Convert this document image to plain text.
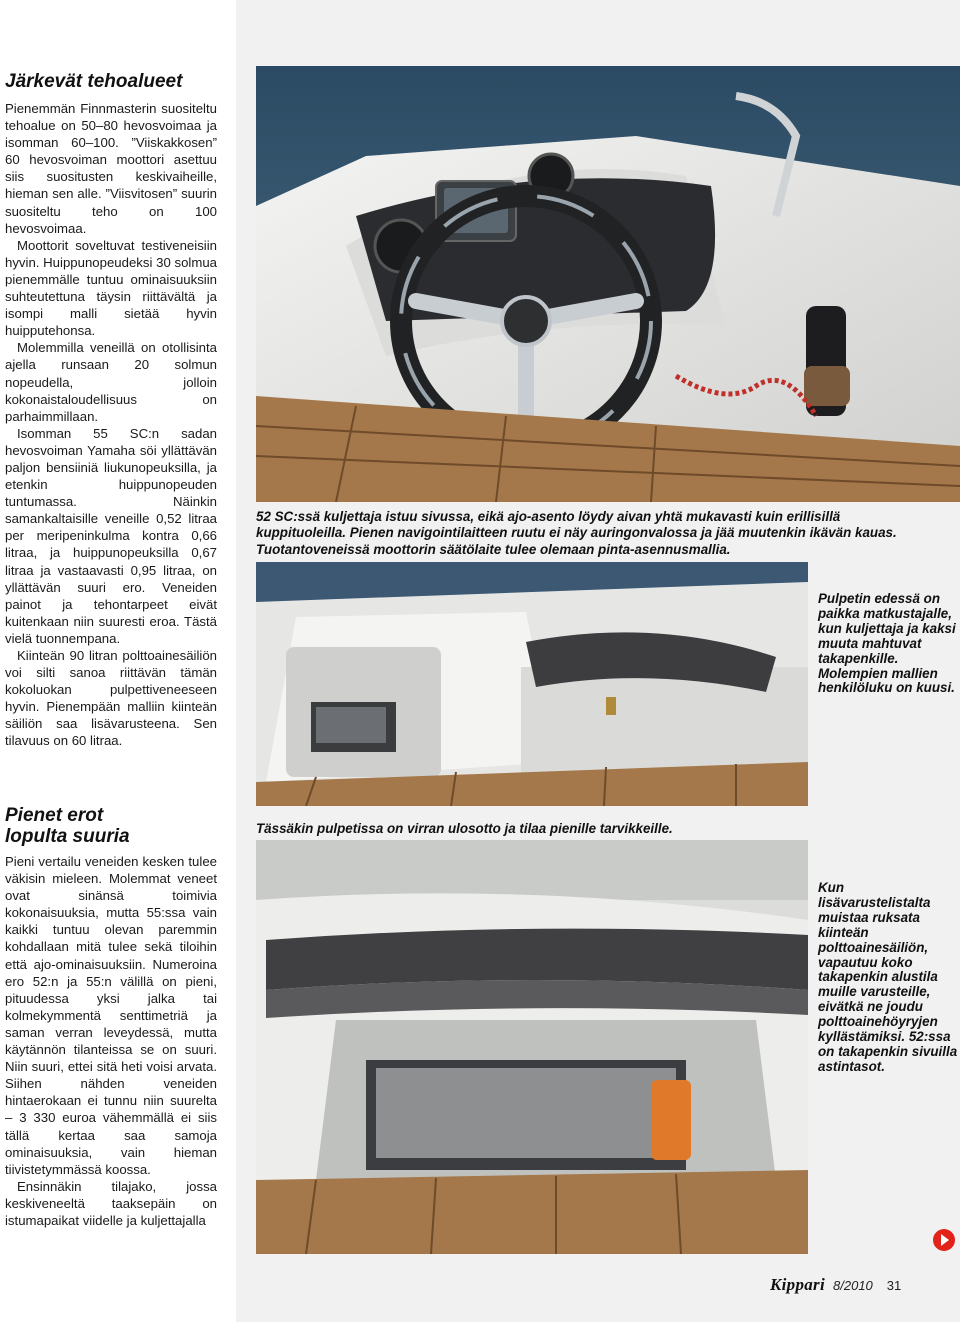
Järkevät tehoalueet

Pienemmän Finnmasterin suositeltu tehoalue on 50–80 hevosvoimaa ja isomman 60–100. ”Viiskakkosen” 60 hevosvoiman moottori asettuu siis suositusten keskivaiheille, hieman sen alle. ”Viisvitosen” suurin suositeltu teho on 100 hevosvoimaa.

Moottorit soveltuvat testiveneisiin hyvin. Huippunopeudeksi 30 solmua pienemmälle tuntuu ominaisuuksiin suhteutettuna täysin riittävältä ja isompi malli sietää hyvin huipputehonsa.

Molemmilla veneillä on otollisinta ajella runsaan 20 solmun nopeudella, jolloin kokonaistaloudellisuus on parhaimmillaan.

Isomman 55 SC:n sadan hevosvoiman Yamaha söi yllättävän paljon bensiiniä liukunopeuksilla, ja etenkin huippunopeuden tuntumassa. Näinkin samankaltaisille veneille 0,52 litraa per meripeninkulma kontra 0,66 litraa, ja huippunopeuksilla 0,67 litraa ja vastaavasti 0,95 litraa, on yllättävän suuri ero. Veneiden painot ja tehontarpeet eivät kuitenkaan niin suuresti eroa. Tästä vielä tuonnempana.

Kiinteän 90 litran polttoainesäiliön voi silti sanoa riittävän tämän kokoluokan pulpettiveneeseen hyvin. Pienempään malliin kiinteän säiliön saa lisävarusteena. Sen tilavuus on 60 litraa.

Pienet erot
lopulta suuria

Pieni vertailu veneiden kesken tulee väkisin mieleen. Molemmat veneet ovat sinänsä toimivia kokonaisuuksia, mutta 55:ssa vain kaikki tuntuu olevan paremmin kohdallaan mitä tulee sekä tiloihin että ajo-ominaisuuksiin. Numeroina ero 52:n ja 55:n välillä on pieni, pituudessa yksi jalka tai kolmekymmentä senttimetriä ja saman verran leveydessä, mutta käytännön tilanteissa se on suuri. Niin suuri, ettei sitä heti voisi arvata. Siihen nähden veneiden hintaerokaan ei tunnu niin suurelta – 3 330 euroa vähemmällä ei siis tällä kertaa saa samoja ominaisuuksia, vain hieman tiivistetymmässä koossa.

Ensinnäkin tilajako, jossa keskiveneeltä taaksepäin on istumapaikat viidelle ja kuljettajalla

52 SC:ssä kuljettaja istuu sivussa, eikä ajo-asento löydy aivan yhtä mukavasti kuin erillisillä kuppituoleilla. Pienen navigointilaitteen ruutu ei näy auringonvalossa ja jää muutenkin ikävän kauas. Tuotantoveneissä moottorin säätölaite tulee olemaan pinta-asennusmallia.

Pulpetin edessä on paikka matkustajalle, kun kuljettaja ja kaksi muuta mahtuvat takapenkille. Molempien mallien henkilöluku on kuusi.

Tässäkin pulpetissa on virran ulosotto ja tilaa pienille tarvikkeille.

Kun lisävarustelistalta muistaa ruksata kiinteän polttoainesäiliön, vapautuu koko takapenkin alustila muille varusteille, eivätkä ne joudu polttoainehöyryjen kyllästämiksi. 52:ssa on takapenkin sivuilla astintasot.

Kippari 8/2010 31
